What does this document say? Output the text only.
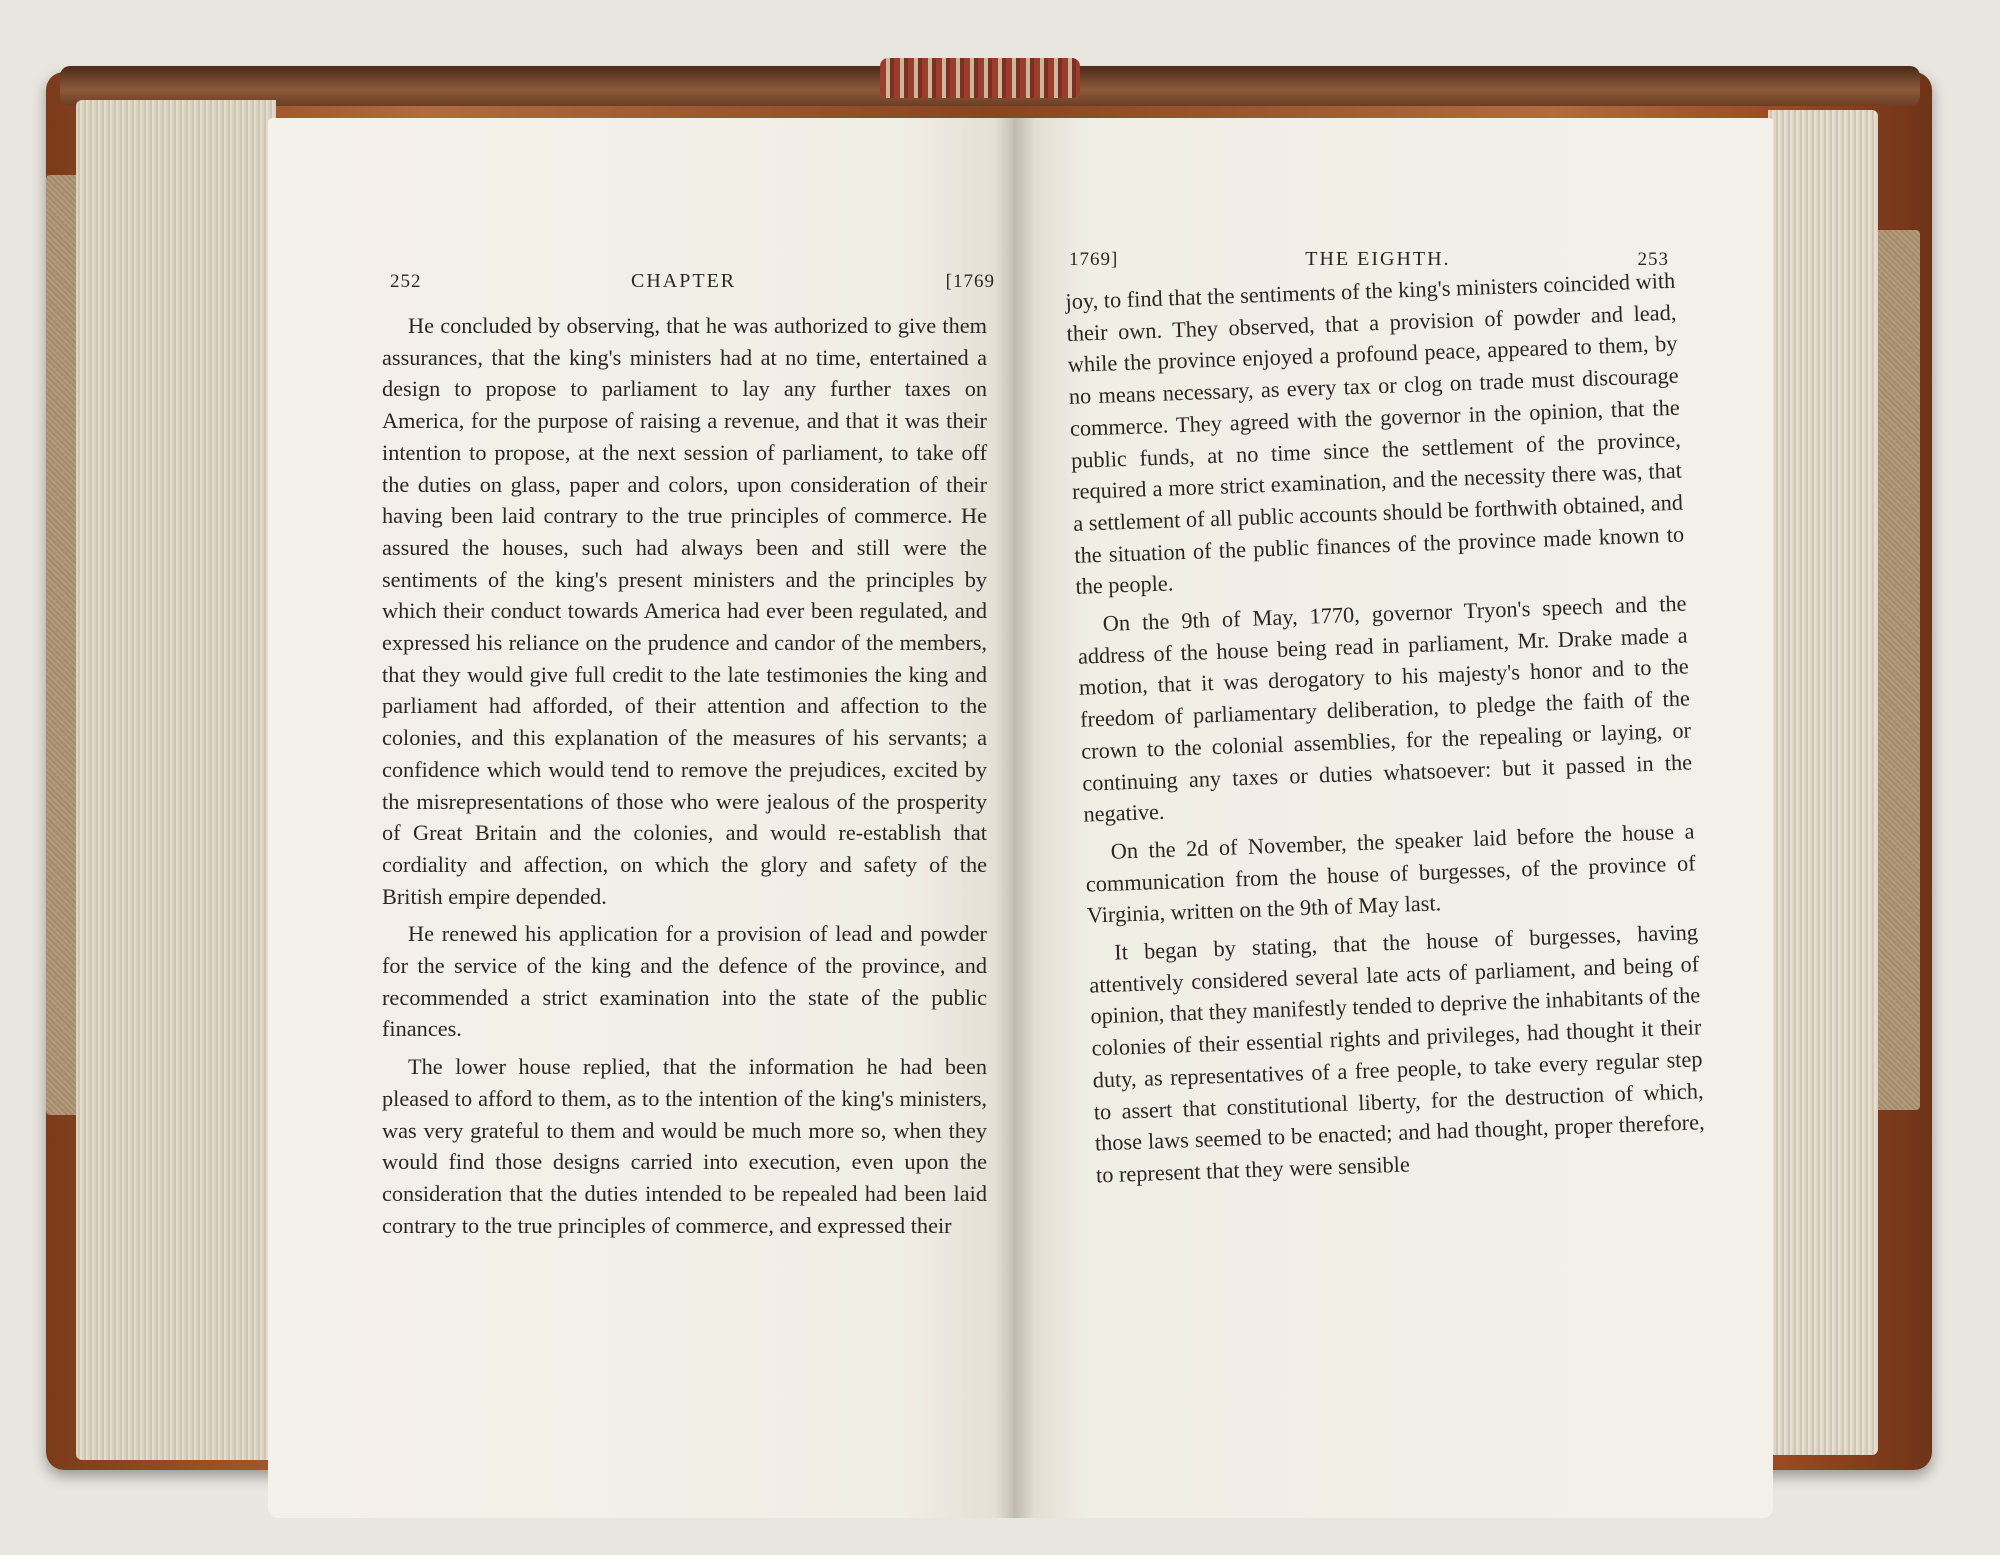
252	CHAPTER	[1769

He concluded by observing, that he was authorized to give them assurances, that the king's ministers had at no time, entertained a design to propose to parliament to lay any further taxes on America, for the purpose of raising a revenue, and that it was their intention to propose, at the next session of parliament, to take off the duties on glass, paper and colors, upon consideration of their having been laid contrary to the true principles of commerce. He assured the houses, such had always been and still were the sentiments of the king's present ministers and the principles by which their conduct towards America had ever been regulated, and expressed his reliance on the prudence and candor of the members, that they would give full credit to the late testimonies the king and parliament had afforded, of their attention and affection to the colonies, and this explanation of the measures of his servants; a confidence which would tend to remove the prejudices, excited by the misrepresentations of those who were jealous of the prosperity of Great Britain and the colonies, and would re-establish that cordiality and affection, on which the glory and safety of the British empire depended.

He renewed his application for a provision of lead and powder for the service of the king and the defence of the province, and recommended a strict examination into the state of the public finances.

The lower house replied, that the information he had been pleased to afford to them, as to the intention of the king's ministers, was very grateful to them and would be much more so, when they would find those designs carried into execution, even upon the consideration that the duties intended to be repealed had been laid contrary to the true principles of commerce, and expressed their

1769]	THE EIGHTH.	253

joy, to find that the sentiments of the king's ministers coincided with their own. They observed, that a provision of powder and lead, while the province enjoyed a profound peace, appeared to them, by no means necessary, as every tax or clog on trade must discourage commerce. They agreed with the governor in the opinion, that the public funds, at no time since the settlement of the province, required a more strict examination, and the necessity there was, that a settlement of all public accounts should be forthwith obtained, and the situation of the public finances of the province made known to the people.

On the 9th of May, 1770, governor Tryon's speech and the address of the house being read in parliament, Mr. Drake made a motion, that it was derogatory to his majesty's honor and to the freedom of parliamentary deliberation, to pledge the faith of the crown to the colonial assemblies, for the repealing or laying, or continuing any taxes or duties whatsoever: but it passed in the negative.

On the 2d of November, the speaker laid before the house a communication from the house of burgesses, of the province of Virginia, written on the 9th of May last.

It began by stating, that the house of burgesses, having attentively considered several late acts of parliament, and being of opinion, that they manifestly tended to deprive the inhabitants of the colonies of their essential rights and privileges, had thought it their duty, as representatives of a free people, to take every regular step to assert that constitutional liberty, for the destruction of which, those laws seemed to be enacted; and had thought, proper therefore, to represent that they were sensible
